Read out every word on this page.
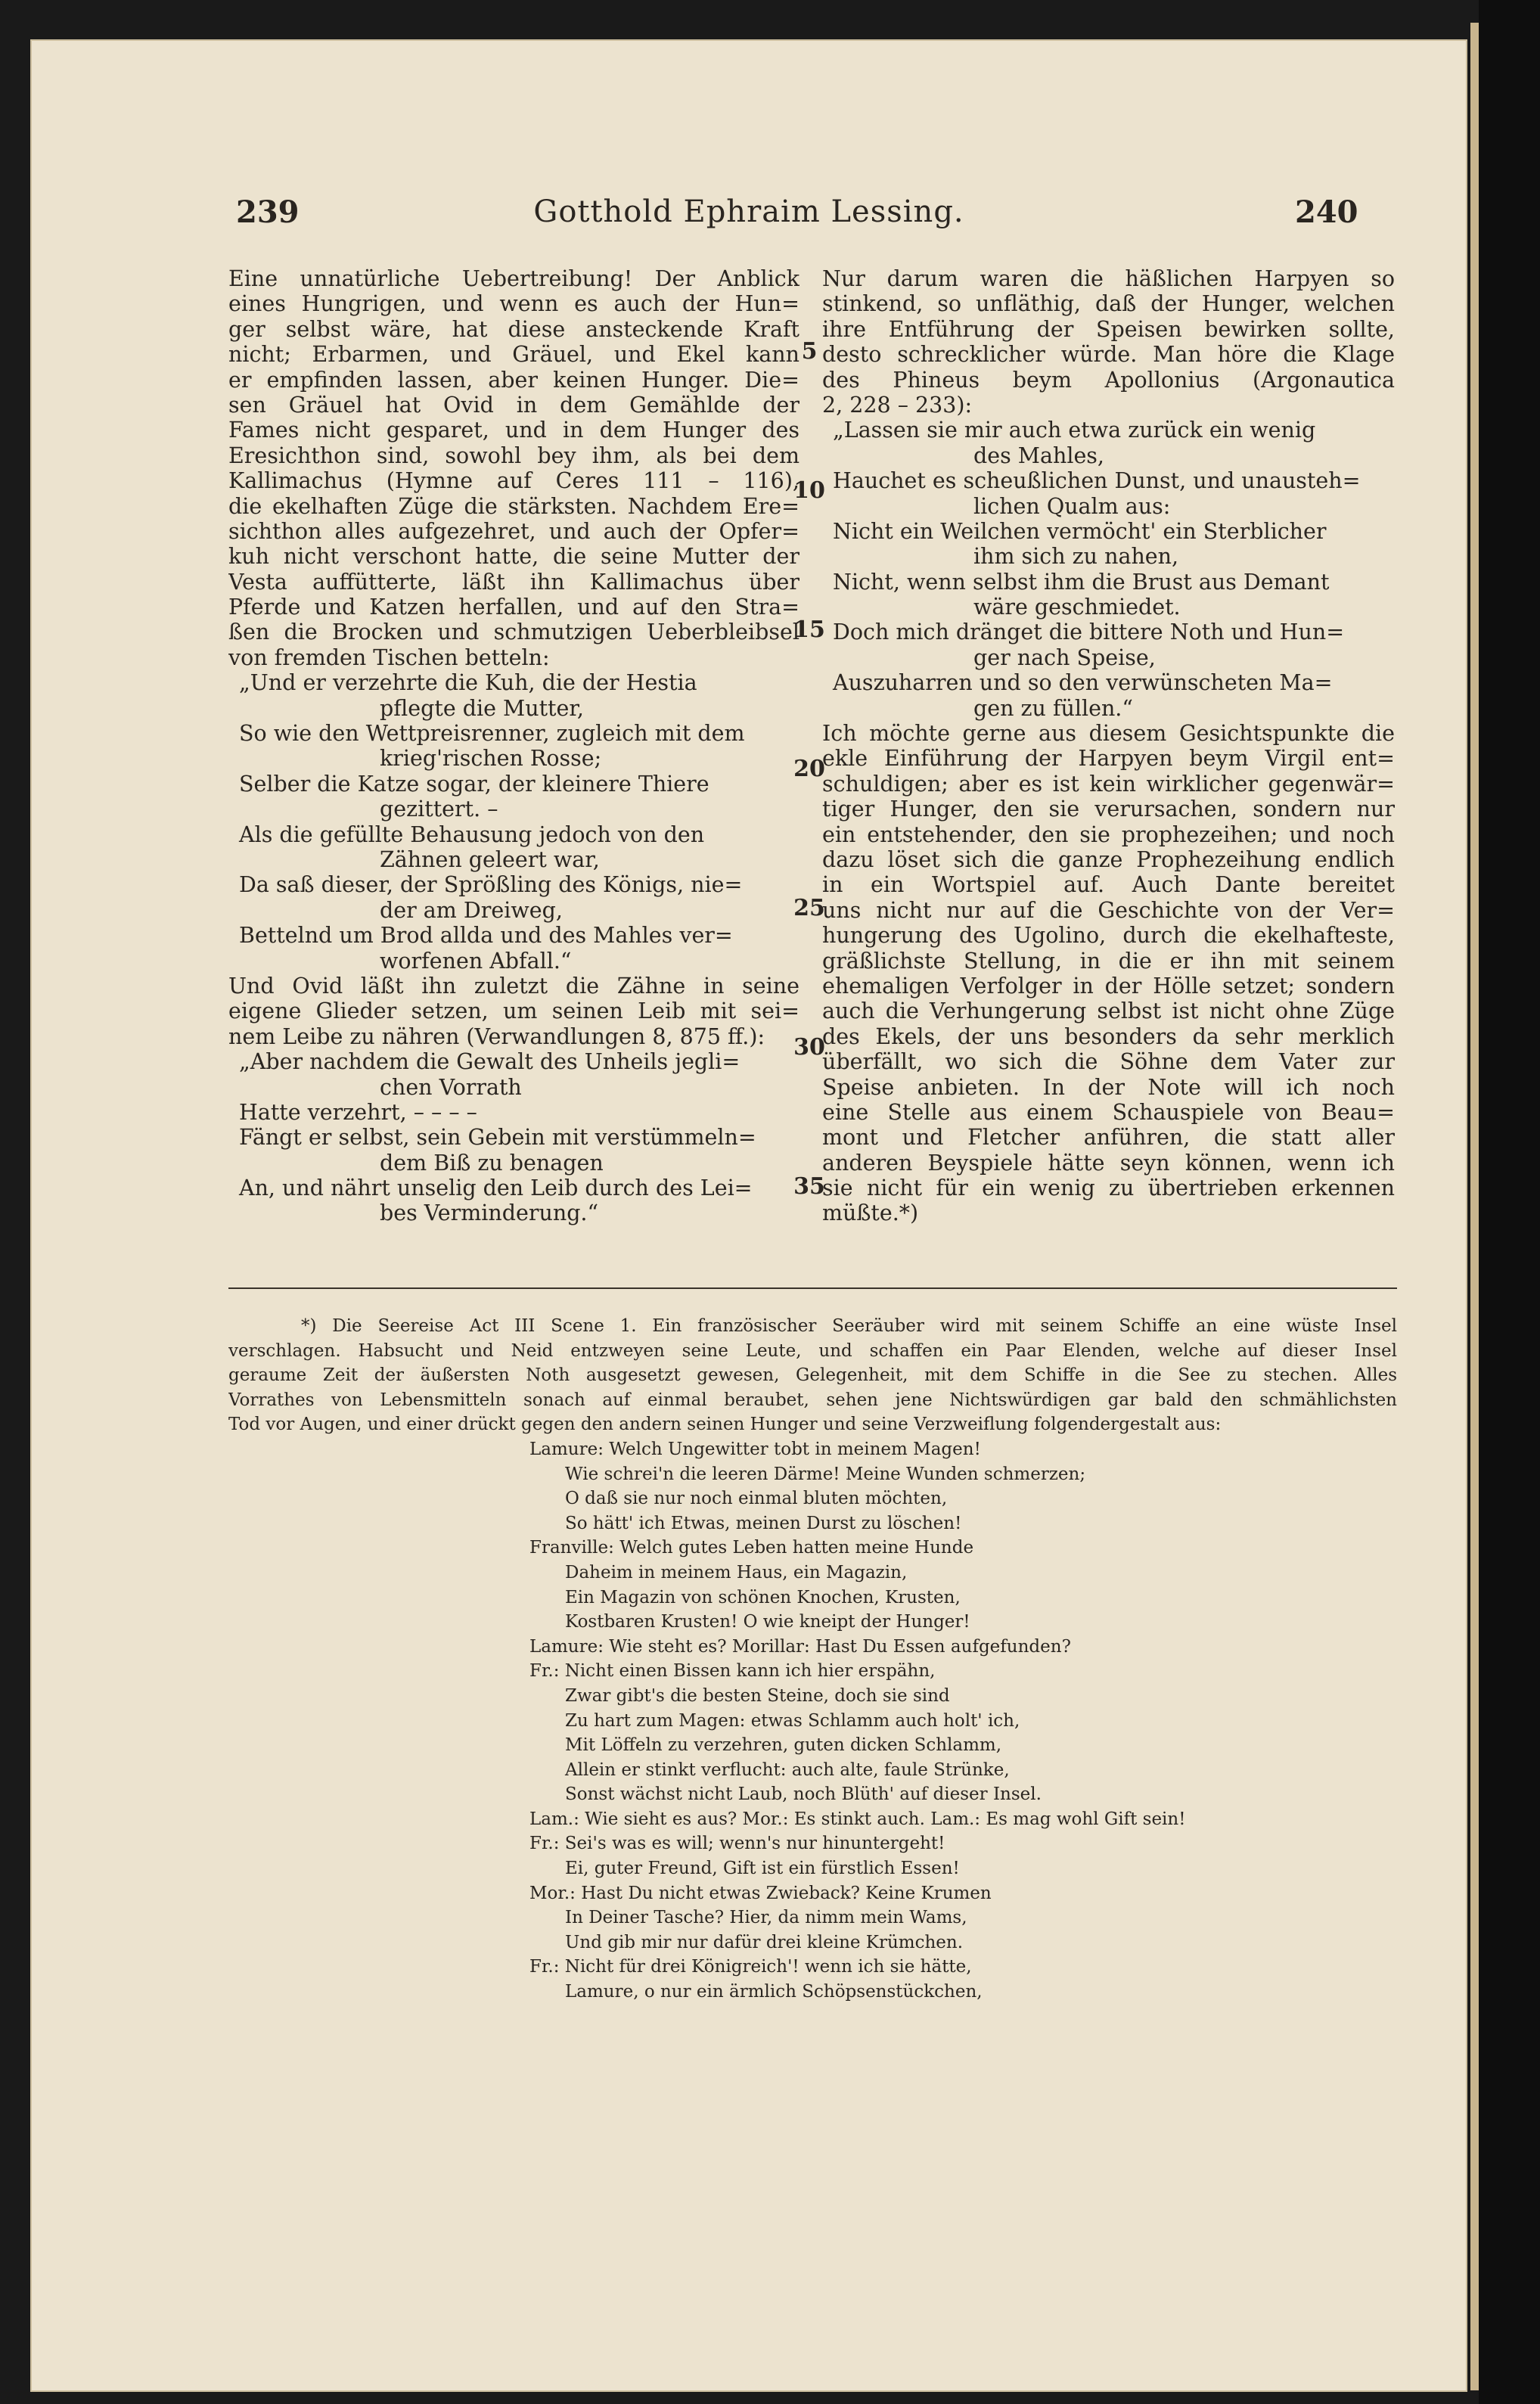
239	Gotthold Ephraim Lessing.	240
Eine unnatürliche Uebertreibung! Der Anblick
eines Hungrigen, und wenn es auch der Hun=
ger selbst wäre, hat diese ansteckende Kraft
nicht; Erbarmen, und Gräuel, und Ekel kann
er empfinden lassen, aber keinen Hunger. Die=
sen Gräuel hat Ovid in dem Gemählde der
Fames nicht gesparet, und in dem Hunger des
Eresichthon sind, sowohl bey ihm, als bei dem
Kallimachus (Hymne auf Ceres 111 – 116),
die ekelhaften Züge die stärksten. Nachdem Ere=
sichthon alles aufgezehret, und auch der Opfer=
kuh nicht verschont hatte, die seine Mutter der
Vesta auffütterte, läßt ihn Kallimachus über
Pferde und Katzen herfallen, und auf den Stra=
ßen die Brocken und schmutzigen Ueberbleibsel
von fremden Tischen betteln:
„Und er verzehrte die Kuh, die der Hestia
pflegte die Mutter,
So wie den Wettpreisrenner, zugleich mit dem
krieg'rischen Rosse;
Selber die Katze sogar, der kleinere Thiere
gezittert. –
Als die gefüllte Behausung jedoch von den
Zähnen geleert war,
Da saß dieser, der Sprößling des Königs, nie=
der am Dreiweg,
Bettelnd um Brod allda und des Mahles ver=
worfenen Abfall.“
Und Ovid läßt ihn zuletzt die Zähne in seine
eigene Glieder setzen, um seinen Leib mit sei=
nem Leibe zu nähren (Verwandlungen 8, 875 ff.):
„Aber nachdem die Gewalt des Unheils jegli=
chen Vorrath
Hatte verzehrt, – – – –
Fängt er selbst, sein Gebein mit verstümmeln=
dem Biß zu benagen
An, und nährt unselig den Leib durch des Lei=
bes Verminderung.“
Nur darum waren die häßlichen Harpyen so
stinkend, so unfläthig, daß der Hunger, welchen
ihre Entführung der Speisen bewirken sollte,
desto schrecklicher würde. Man höre die Klage
des Phineus beym Apollonius (Argonautica
2, 228 – 233):
„Lassen sie mir auch etwa zurück ein wenig
des Mahles,
Hauchet es scheußlichen Dunst, und unausteh=
lichen Qualm aus:
Nicht ein Weilchen vermöcht' ein Sterblicher
ihm sich zu nahen,
Nicht, wenn selbst ihm die Brust aus Demant
wäre geschmiedet.
Doch mich dränget die bittere Noth und Hun=
ger nach Speise,
Auszuharren und so den verwünscheten Ma=
gen zu füllen.“
Ich möchte gerne aus diesem Gesichtspunkte die
ekle Einführung der Harpyen beym Virgil ent=
schuldigen; aber es ist kein wirklicher gegenwär=
tiger Hunger, den sie verursachen, sondern nur
ein entstehender, den sie prophezeihen; und noch
dazu löset sich die ganze Prophezeihung endlich
in ein Wortspiel auf. Auch Dante bereitet
uns nicht nur auf die Geschichte von der Ver=
hungerung des Ugolino, durch die ekelhafteste,
gräßlichste Stellung, in die er ihn mit seinem
ehemaligen Verfolger in der Hölle setzet; sondern
auch die Verhungerung selbst ist nicht ohne Züge
des Ekels, der uns besonders da sehr merklich
überfällt, wo sich die Söhne dem Vater zur
Speise anbieten. In der Note will ich noch
eine Stelle aus einem Schauspiele von Beau=
mont und Fletcher anführen, die statt aller
anderen Beyspiele hätte seyn können, wenn ich
sie nicht für ein wenig zu übertrieben erkennen
müßte.*)
5
10
15
20
25
30
35
*) Die Seereise Act III Scene 1. Ein französischer Seeräuber wird mit seinem Schiffe an eine wüste Insel
verschlagen. Habsucht und Neid entzweyen seine Leute, und schaffen ein Paar Elenden, welche auf dieser Insel
geraume Zeit der äußersten Noth ausgesetzt gewesen, Gelegenheit, mit dem Schiffe in die See zu stechen. Alles
Vorrathes von Lebensmitteln sonach auf einmal beraubet, sehen jene Nichtswürdigen gar bald den schmählichsten
Tod vor Augen, und einer drückt gegen den andern seinen Hunger und seine Verzweiflung folgendergestalt aus:
Lamure: Welch Ungewitter tobt in meinem Magen!
Wie schrei'n die leeren Därme! Meine Wunden schmerzen;
O daß sie nur noch einmal bluten möchten,
So hätt' ich Etwas, meinen Durst zu löschen!
Franville: Welch gutes Leben hatten meine Hunde
Daheim in meinem Haus, ein Magazin,
Ein Magazin von schönen Knochen, Krusten,
Kostbaren Krusten! O wie kneipt der Hunger!
Lamure: Wie steht es? Morillar: Hast Du Essen aufgefunden?
Fr.: Nicht einen Bissen kann ich hier erspähn,
Zwar gibt's die besten Steine, doch sie sind
Zu hart zum Magen: etwas Schlamm auch holt' ich,
Mit Löffeln zu verzehren, guten dicken Schlamm,
Allein er stinkt verflucht: auch alte, faule Strünke,
Sonst wächst nicht Laub, noch Blüth' auf dieser Insel.
Lam.: Wie sieht es aus? Mor.: Es stinkt auch. Lam.: Es mag wohl Gift sein!
Fr.: Sei's was es will; wenn's nur hinuntergeht!
Ei, guter Freund, Gift ist ein fürstlich Essen!
Mor.: Hast Du nicht etwas Zwieback? Keine Krumen
In Deiner Tasche? Hier, da nimm mein Wams,
Und gib mir nur dafür drei kleine Krümchen.
Fr.: Nicht für drei Königreich'! wenn ich sie hätte,
Lamure, o nur ein ärmlich Schöpsenstückchen,
